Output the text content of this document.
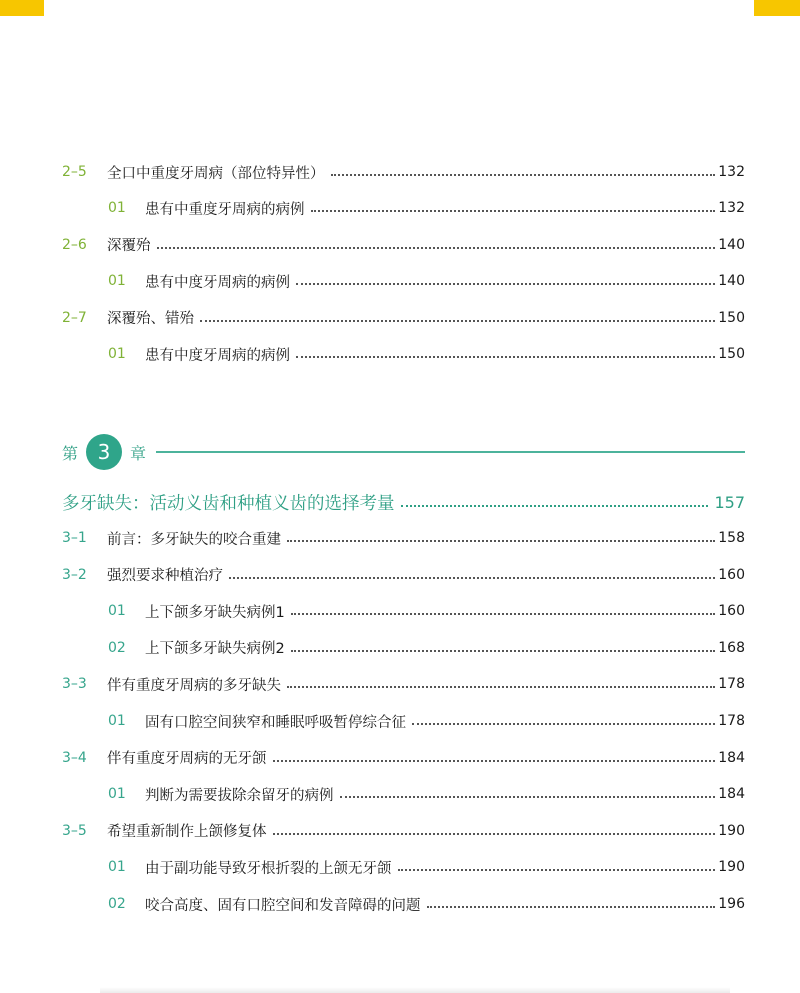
2–5	全口中重度牙周病（部位特异性）	132
01	患有中重度牙周病的病例	132
2–6	深覆殆	140
01	患有中度牙周病的病例	140
2–7	深覆殆、错殆	150
01	患有中度牙周病的病例	150
第 3	章
多牙缺失：活动义齿和种植义齿的选择考量	157
3–1	前言：多牙缺失的咬合重建	158
3–2	强烈要求种植治疗	160
01	上下颌多牙缺失病例1	160
02	上下颌多牙缺失病例2	168
3–3	伴有重度牙周病的多牙缺失	178
01	固有口腔空间狭窄和睡眠呼吸暂停综合征	178
3–4	伴有重度牙周病的无牙颌	184
01	判断为需要拔除余留牙的病例	184
3–5	希望重新制作上颌修复体	190
01	由于副功能导致牙根折裂的上颌无牙颌	190
02	咬合高度、固有口腔空间和发音障碍的问题	196
